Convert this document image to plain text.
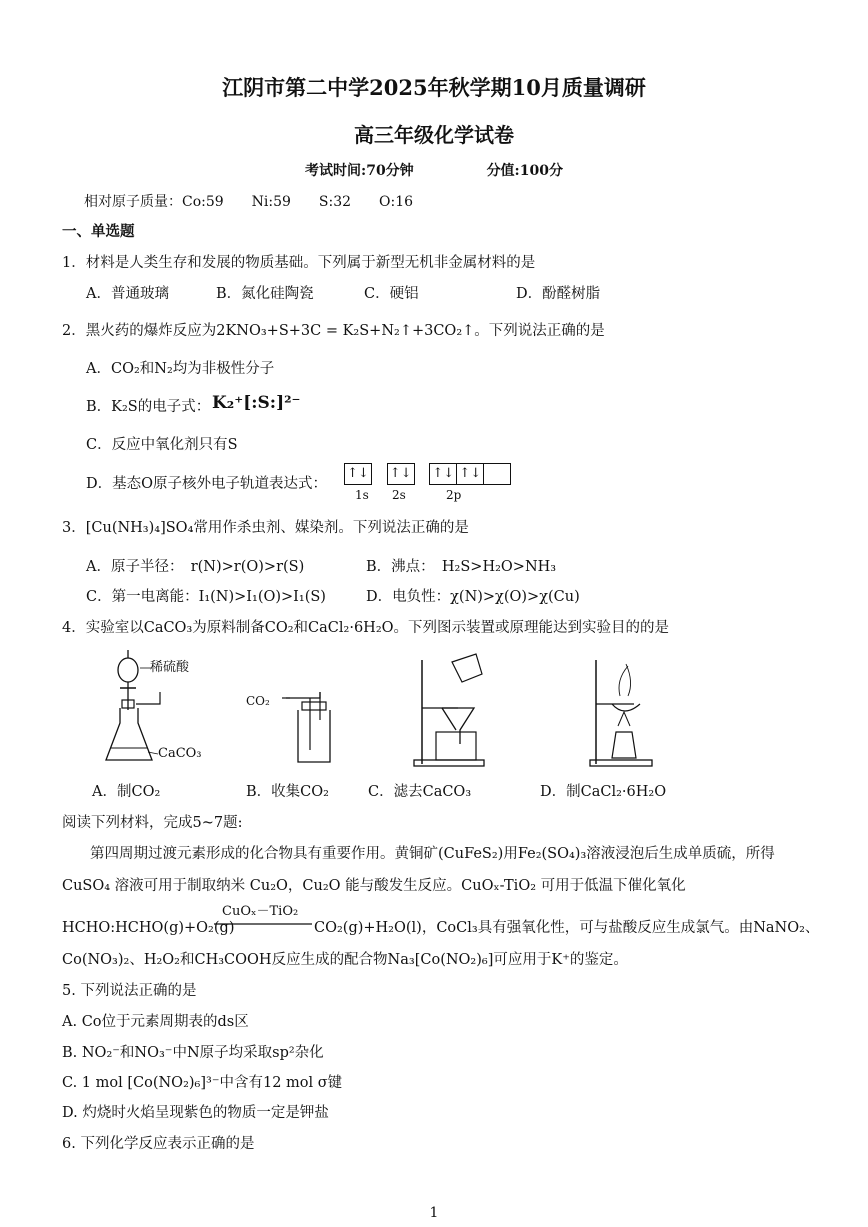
江阴市第二中学2025年秋学期10月质量调研
高三年级化学试卷
考试时间:70分钟	分值:100分
相对原子质量：Co:59　　Ni:59　　S:32　　O:16
一、单选题
1．材料是人类生存和发展的物质基础。下列属于新型无机非金属材料的是
A．普通玻璃	B．氮化硅陶瓷	C．硬铝	D．酚醛树脂
2．黑火药的爆炸反应为2KNO₃+S+3C = K₂S+N₂↑+3CO₂↑。下列说法正确的是
A．CO₂和N₂均为非极性分子
B．K₂S的电子式： K₂⁺[:S:]²⁻
C．反应中氧化剂只有S
D．基态O原子核外电子轨道表达式：
↑↓
↑↓
↑↓ ↑↓
1s 2s	2p
3．[Cu(NH₃)₄]SO₄常用作杀虫剂、媒染剂。下列说法正确的是
A．原子半径：　r(N)>r(O)>r(S)	B．沸点：　H₂S>H₂O>NH₃
C．第一电离能：I₁(N)>I₁(O)>I₁(S)	D．电负性：χ(N)>χ(O)>χ(Cu)
4．实验室以CaCO₃为原料制备CO₂和CaCl₂·6H₂O。下列图示装置或原理能达到实验目的的是
稀硫酸
CaCO₃
CO₂
A．制CO₂	B．收集CO₂	C．滤去CaCO₃	D．制CaCl₂·6H₂O
阅读下列材料，完成5~7题:
第四周期过渡元素形成的化合物具有重要作用。黄铜矿(CuFeS₂)用Fe₂(SO₄)₃溶液浸泡后生成单质硫，所得
CuSO₄ 溶液可用于制取纳米 Cu₂O，Cu₂O 能与酸发生反应。CuOₓ-TiO₂ 可用于低温下催化氧化
HCHO:HCHO(g)+O₂(g)
CuOₓ－TiO₂
CO₂(g)+H₂O(l)，CoCl₃具有强氧化性，可与盐酸反应生成氯气。由NaNO₂、
Co(NO₃)₂、H₂O₂和CH₃COOH反应生成的配合物Na₃[Co(NO₂)₆]可应用于K⁺的鉴定。
5. 下列说法正确的是
A. Co位于元素周期表的ds区
B. NO₂⁻和NO₃⁻中N原子均采取sp²杂化
C. 1 mol [Co(NO₂)₆]³⁻中含有12 mol σ键
D. 灼烧时火焰呈现紫色的物质一定是钾盐
6. 下列化学反应表示正确的是
1
